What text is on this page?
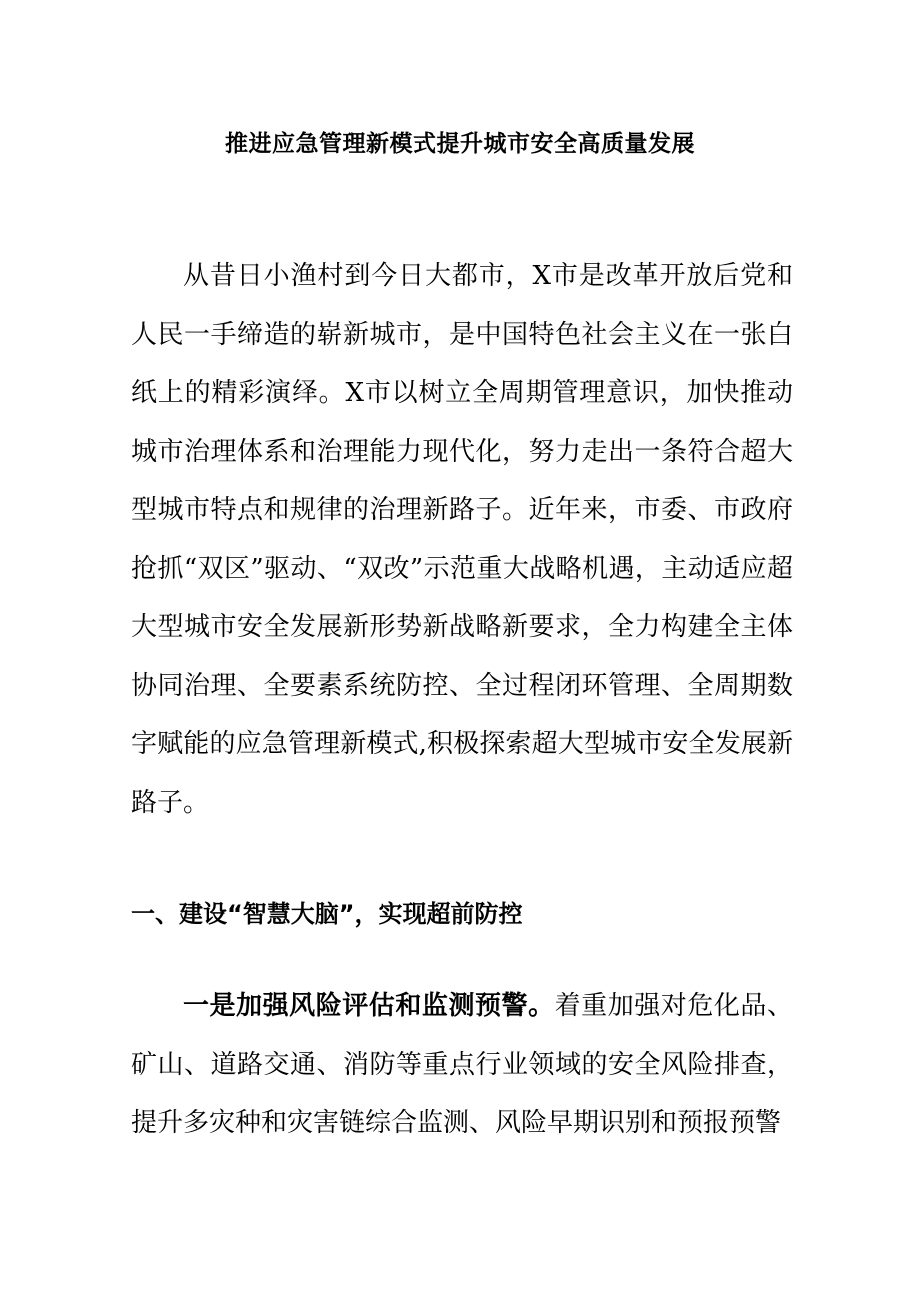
推进应急管理新模式提升城市安全高质量发展

从昔日小渔村到今日大都市，X市是改革开放后党和人民一手缔造的崭新城市，是中国特色社会主义在一张白纸上的精彩演绎。X市以树立全周期管理意识，加快推动城市治理体系和治理能力现代化，努力走出一条符合超大型城市特点和规律的治理新路子。近年来，市委、市政府抢抓“双区”驱动、“双改”示范重大战略机遇，主动适应超大型城市安全发展新形势新战略新要求，全力构建全主体协同治理、全要素系统防控、全过程闭环管理、全周期数字赋能的应急管理新模式,积极探索超大型城市安全发展新路子。

一、建设“智慧大脑”，实现超前防控

一是加强风险评估和监测预警。着重加强对危化品、矿山、道路交通、消防等重点行业领域的安全风险排查，提升多灾种和灾害链综合监测、风险早期识别和预报预警
